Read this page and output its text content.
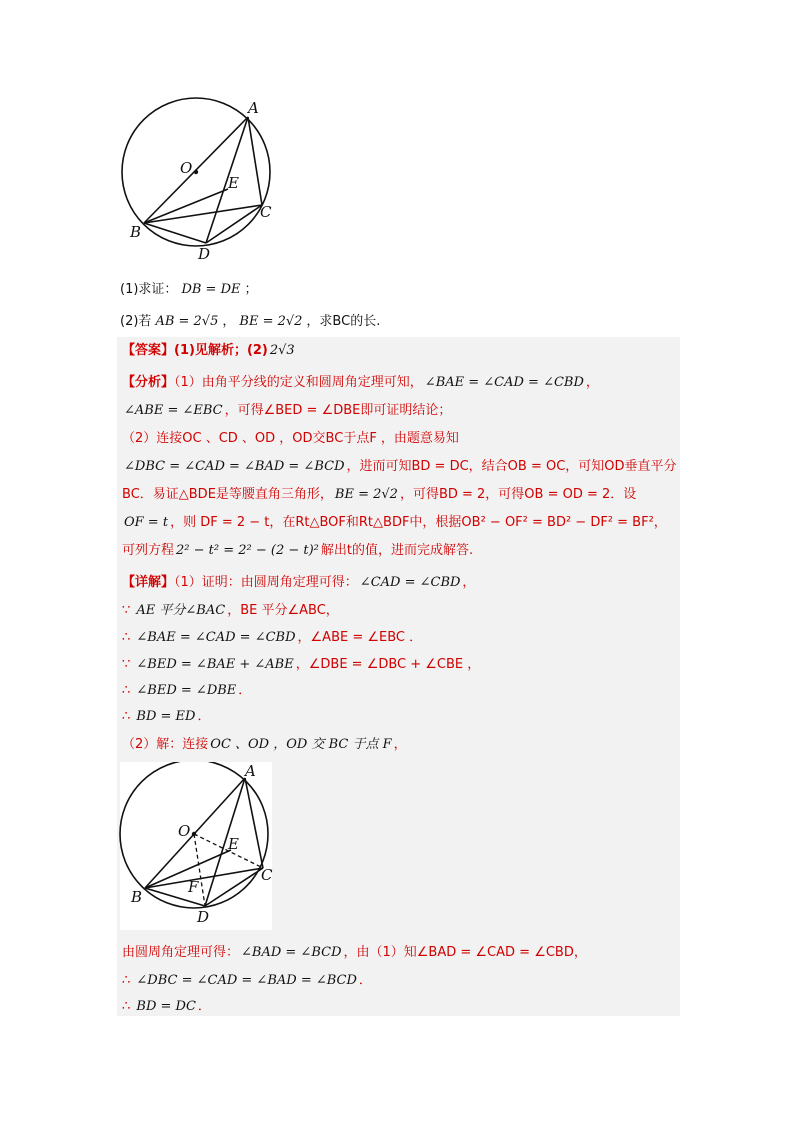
A
O
E
C
B
D
(1)求证： DB = DE ；
(2)若 AB = 2√5 ， BE = 2√2 ，求BC的长.
【答案】(1)见解析；(2) 2√3
【分析】（1）由角平分线的定义和圆周角定理可知， ∠BAE = ∠CAD = ∠CBD ，
∠ABE = ∠EBC ，可得∠BED = ∠DBE即可证明结论；
（2）连接OC 、CD 、OD ，OD交BC于点F ，由题意易知
∠DBC = ∠CAD = ∠BAD = ∠BCD ，进而可知BD = DC，结合OB = OC，可知OD垂直平分
BC．易证△BDE是等腰直角三角形， BE = 2√2 ，可得BD = 2，可得OB = OD = 2．设
OF = t ，则 DF = 2 − t，在Rt△BOF和Rt△BDF中，根据OB² − OF² = BD² − DF² = BF²，
可列方程 2² − t² = 2² − (2 − t)² 解出t的值，进而完成解答.
【详解】（1）证明：由圆周角定理可得： ∠CAD = ∠CBD ，
∵ AE 平分∠BAC ，BE 平分∠ABC，
∴ ∠BAE = ∠CAD = ∠CBD ，∠ABE = ∠EBC ．
∵ ∠BED = ∠BAE + ∠ABE ，∠DBE = ∠DBC + ∠CBE ，
∴ ∠BED = ∠DBE ．
∴ BD = ED ．
（2）解：连接 OC 、OD ，OD 交 BC 于点 F ，
A
O
E
F
C
B
D
由圆周角定理可得： ∠BAD = ∠BCD ，由（1）知∠BAD = ∠CAD = ∠CBD，
∴ ∠DBC = ∠CAD = ∠BAD = ∠BCD ．
∴ BD = DC ．
